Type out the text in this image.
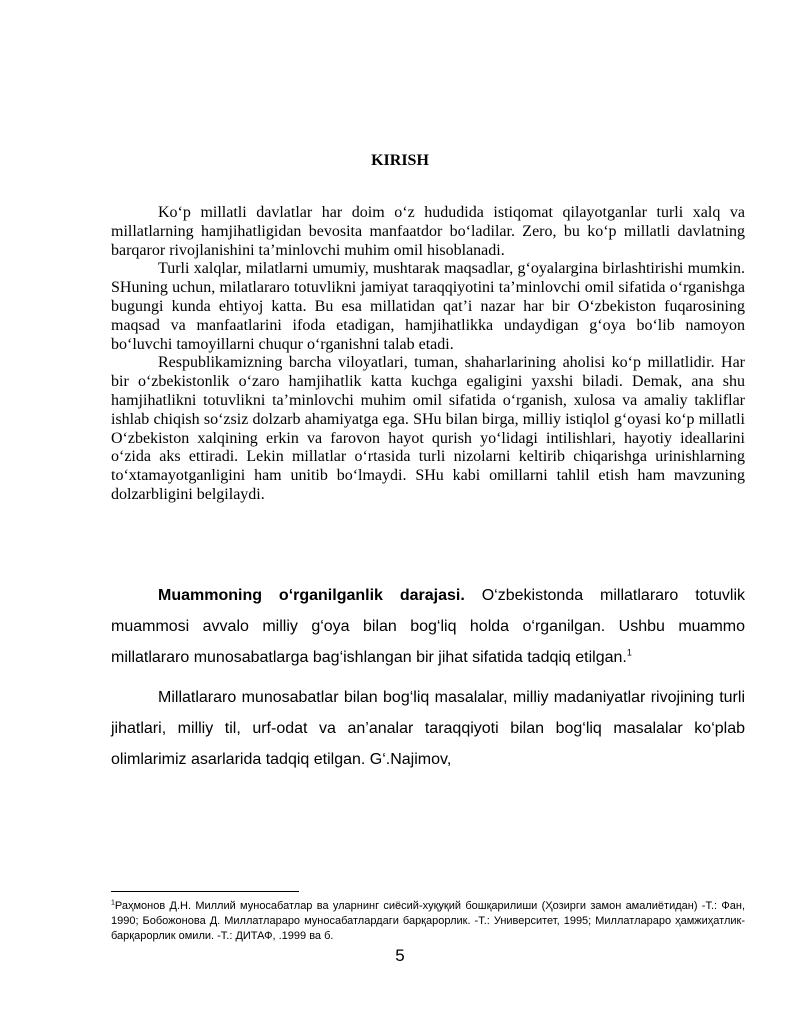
KIRISH

Ko‘p millatli davlatlar har doim o‘z hududida istiqomat qilayotganlar turli xalq va millatlarning hamjihatligidan bevosita manfaatdor bo‘ladilar. Zero, bu ko‘p millatli davlatning barqaror rivojlanishini ta’minlovchi muhim omil hisoblanadi.

Turli xalqlar, milatlarni umumiy, mushtarak maqsadlar, g‘oyalargina birlashtirishi mumkin. SHuning uchun, milatlararo totuvlikni jamiyat taraqqiyotini ta’minlovchi omil sifatida o‘rganishga bugungi kunda ehtiyoj katta. Bu esa millatidan qat’i nazar har bir O‘zbekiston fuqarosining maqsad va manfaatlarini ifoda etadigan, hamjihatlikka undaydigan g‘oya bo‘lib namoyon bo‘luvchi tamoyillarni chuqur o‘rganishni talab etadi.

Respublikamizning barcha viloyatlari, tuman, shaharlarining aholisi ko‘p millatlidir. Har bir o‘zbekistonlik o‘zaro hamjihatlik katta kuchga egaligini yaxshi biladi. Demak, ana shu hamjihatlikni totuvlikni ta’minlovchi muhim omil sifatida o‘rganish, xulosa va amaliy takliflar ishlab chiqish so‘zsiz dolzarb ahamiyatga ega. SHu bilan birga, milliy istiqlol g‘oyasi ko‘p millatli O‘zbekiston xalqining erkin va farovon hayot qurish yo‘lidagi intilishlari, hayotiy ideallarini o‘zida aks ettiradi. Lekin millatlar o‘rtasida turli nizolarni keltirib chiqarishga urinishlarning to‘xtamayotganligini ham unitib bo‘lmaydi. SHu kabi omillarni tahlil etish ham mavzuning dolzarbligini belgilaydi.

Muammoning o‘rganilganlik darajasi. O‘zbekistonda millatlararo totuvlik muammosi avvalo milliy g‘oya bilan bog‘liq holda o‘rganilgan. Ushbu muammo millatlararo munosabatlarga bag‘ishlangan bir jihat sifatida tadqiq etilgan.$^1$

Millatlararo munosabatlar bilan bog‘liq masalalar, milliy madaniyatlar rivojining turli jihatlari, milliy til, urf-odat va an’analar taraqqiyoti bilan bog‘liq masalalar ko‘plab olimlarimiz asarlarida tadqiq etilgan. G‘.Najimov,

$^1$Раҳмонов Д.Н. Миллий муносабатлар ва уларнинг сиёсий-хуқуқий бошқарилиши (Ҳозирги замон амалиётидан) -Т.: Фан, 1990; Бобожонова Д. Миллатлараро муносабатлардаги барқарорлик. -Т.: Университет, 1995; Миллатлараро ҳамжиҳатлик-барқарорлик омили. -Т.: ДИТАФ, .1999 ва б.

5
